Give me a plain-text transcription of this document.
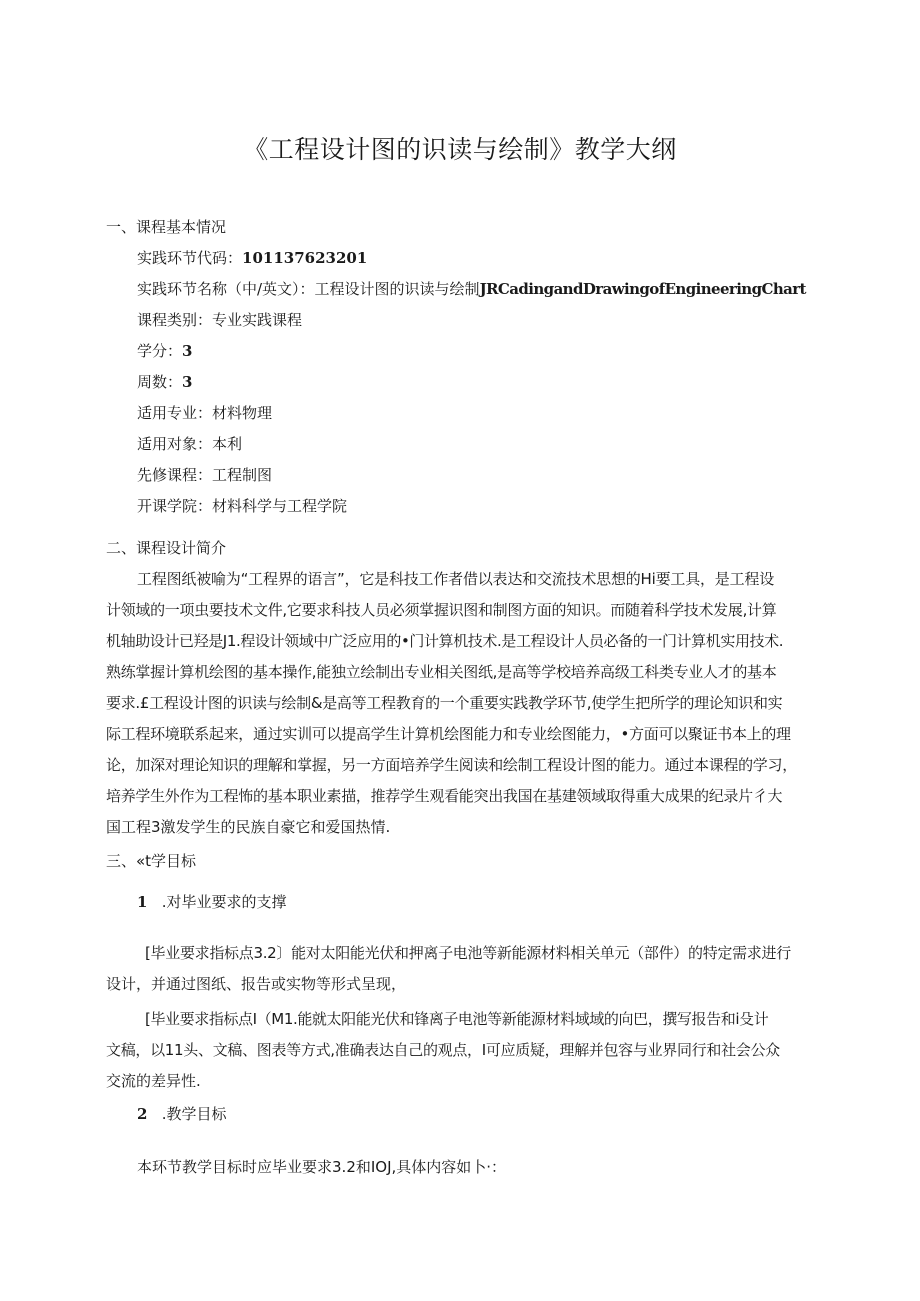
《工程设计图的识读与绘制》教学大纲
一、课程基本情况
实践环节代码：101137623201
实践环节名称（中/英文）：工程设计图的识读与绘制JRCadingandDrawingofEngineeringChart
课程类别：专业实践课程
学分：3
周数：3
适用专业：材料物理
适用对象：本利
先修课程：工程制图
开课学院：材料科学与工程学院
二、课程设计简介
工程图纸被喻为“工程界的语言”，它是科技工作者借以表达和交流技术思想的Hi要工具，是工程设
计领域的一项虫要技术文件,它要求科技人员必须掌握识图和制图方面的知识。而随着科学技术发展,计算
机轴助设计已羟是J1.程设计领域中广泛应用的•门计算机技术.是工程设计人员必备的一门计算机实用技术.
熟练掌握计算机绘图的基本操作,能独立绘制出专业相关图纸,是高等学校培养高级工科类专业人才的基本
要求.£工程设计图的识读与绘制&是高等工程教育的一个重要实践教学环节,使学生把所学的理论知识和实
际工程环境联系起来，通过实训可以提高学生计算机绘图能力和专业绘图能力，•方面可以聚证书本上的理
论，加深对理论知识的理解和掌握，另一方面培养学生阅读和绘制工程设计图的能力。通过本课程的学习，
培养学生外作为工程怖的基本职业素描，推荐学生观看能突出我国在基建领域取得重大成果的纪录片彳大
国工程3激发学生的民族自豪它和爱国热情.
三、«t学目标
1 .对毕业要求的支撑
[毕业要求指标点3.2〕能对太阳能光伏和押离子电池等新能源材料相关单元（部件）的特定需求进行
设计，并通过图纸、报告或实物等形式呈现，
[毕业要求指标点I（M1.能就太阳能光伏和锋离子电池等新能源材料域域的向巴，撰写报告和i殳计
文稿，以11头、文稿、图表等方式,准确表达自己的观点，I可应质疑，理解并包容与业界同行和社会公众
交流的差异性.
2 .教学目标
本环节教学目标时应毕业要求3.2和IOJ,具体内容如卜·：
